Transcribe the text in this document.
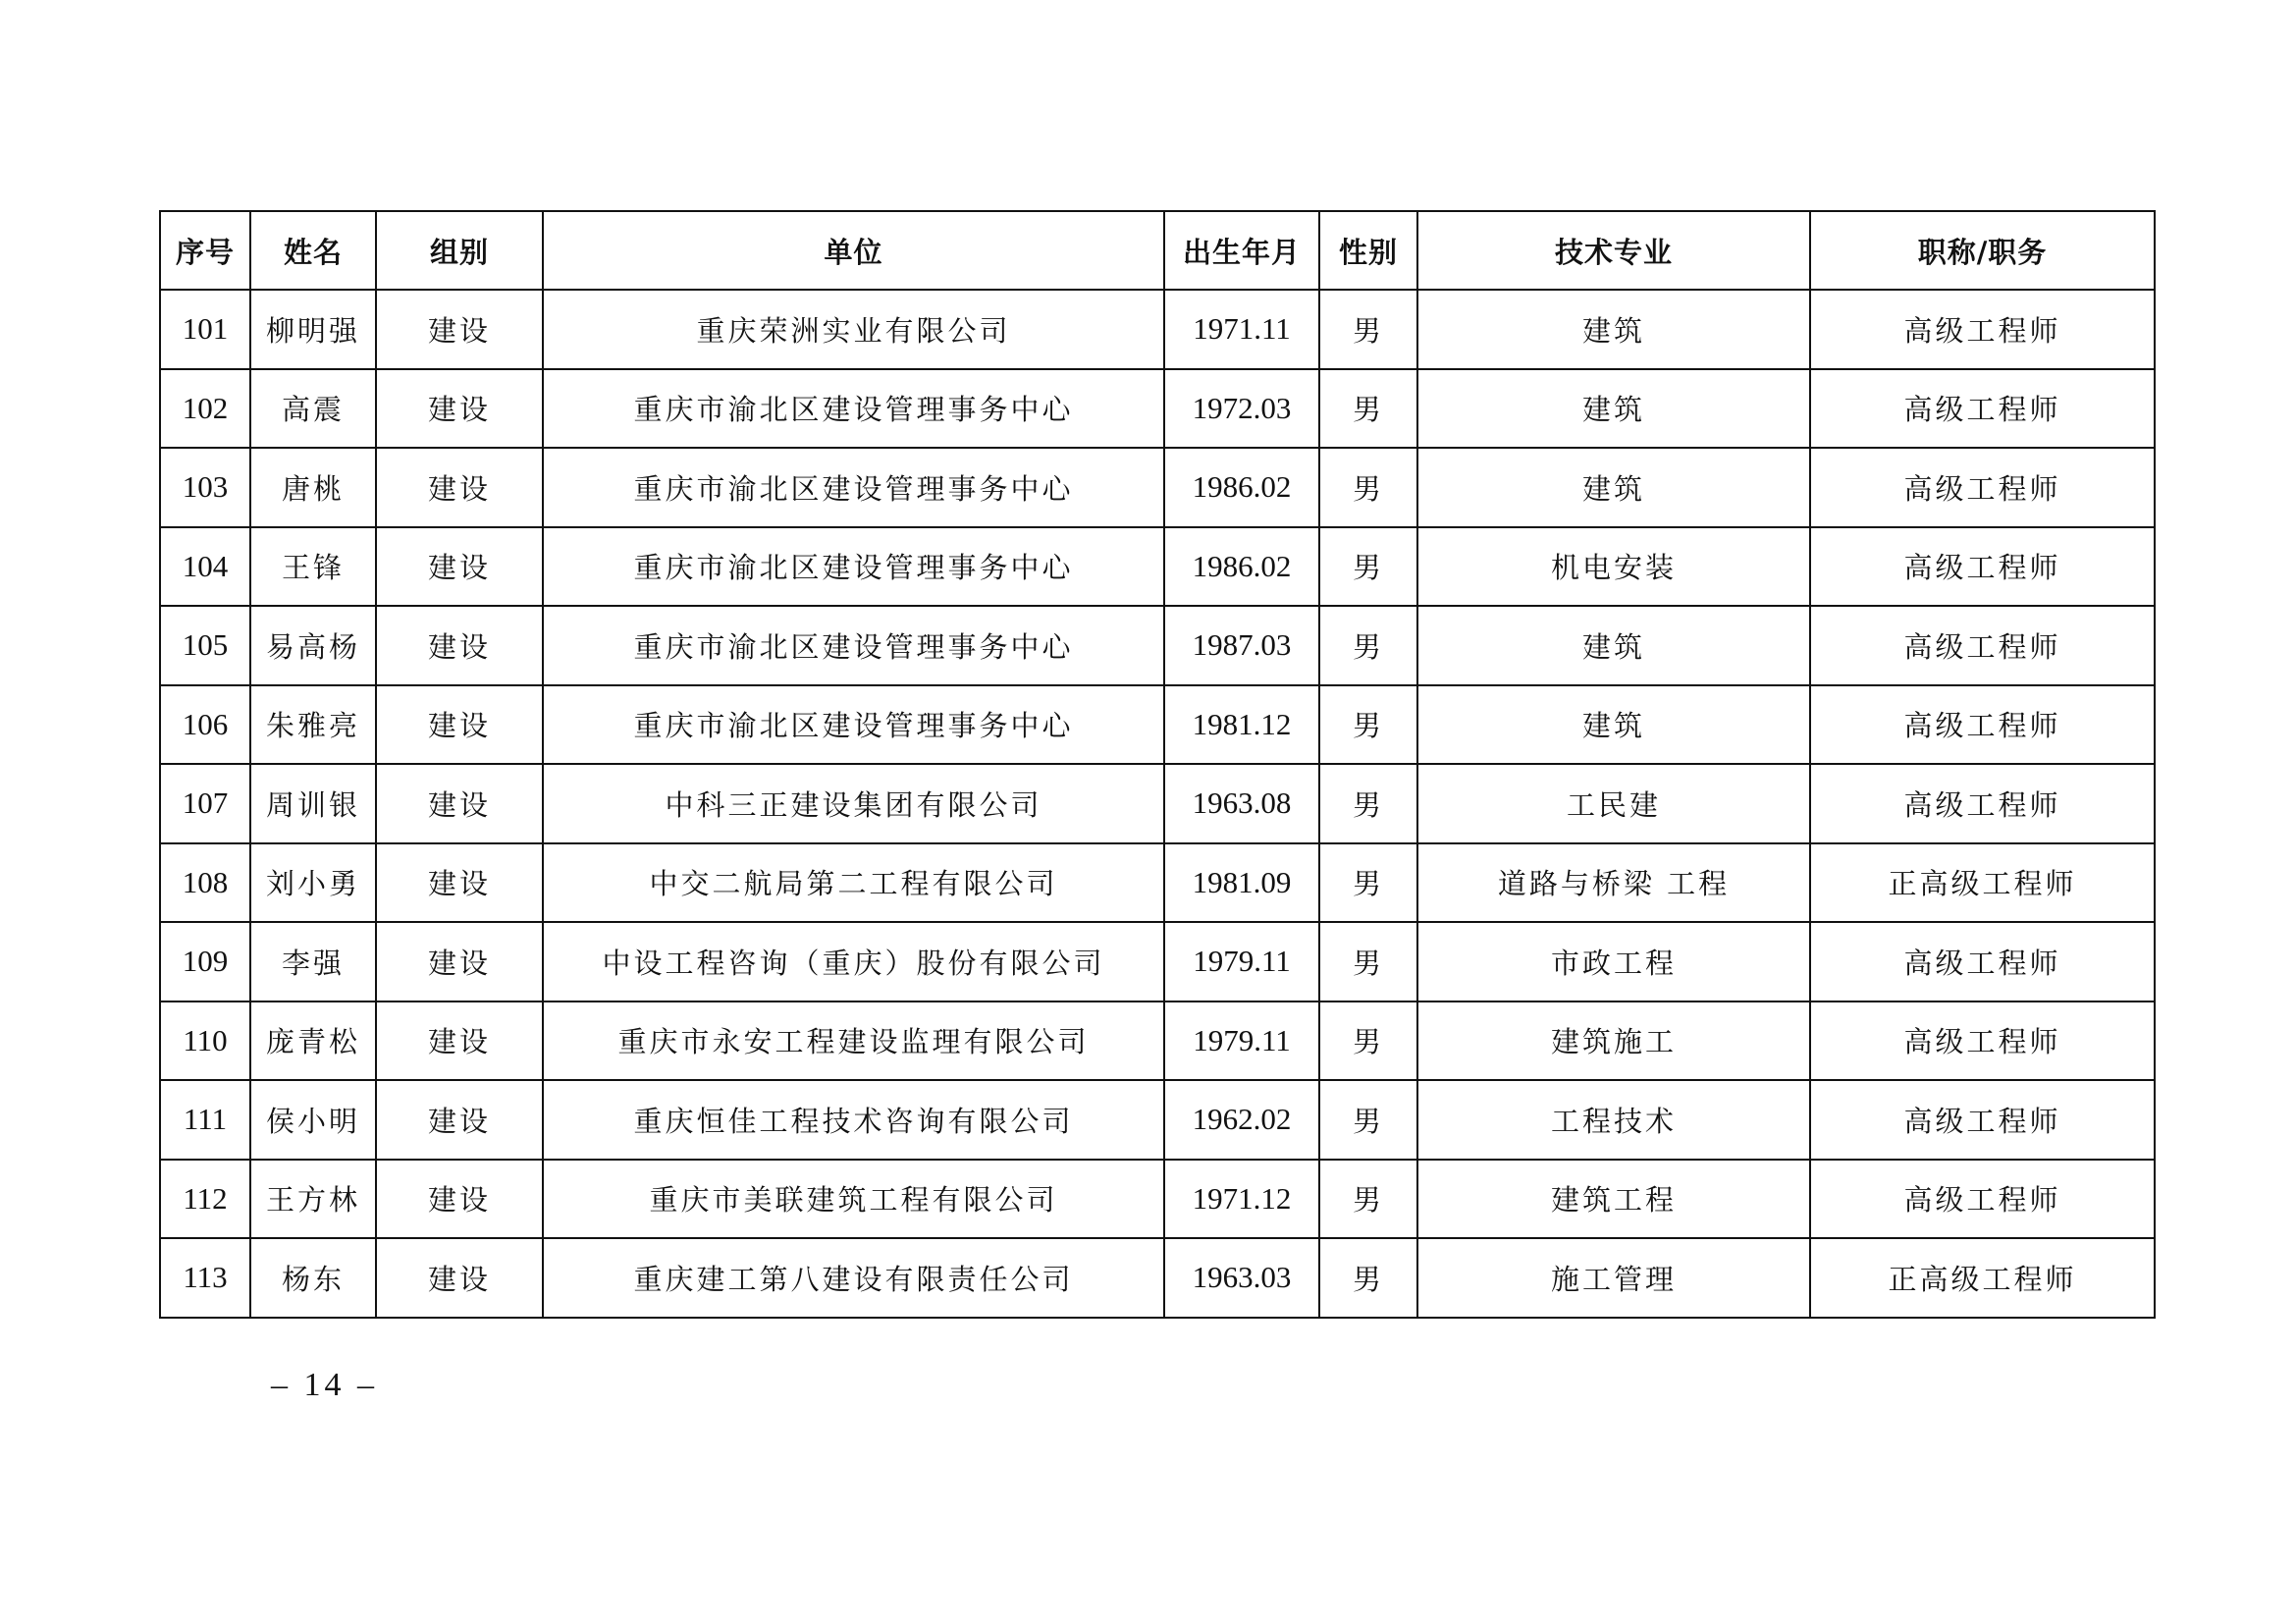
序号	姓名	组别	单位	出生年月	性别	技术专业	职称/职务
101	柳明强	建设	重庆荣洲实业有限公司	1971.11	男	建筑	高级工程师
102	高震	建设	重庆市渝北区建设管理事务中心	1972.03	男	建筑	高级工程师
103	唐桃	建设	重庆市渝北区建设管理事务中心	1986.02	男	建筑	高级工程师
104	王锋	建设	重庆市渝北区建设管理事务中心	1986.02	男	机电安装	高级工程师
105	易高杨	建设	重庆市渝北区建设管理事务中心	1987.03	男	建筑	高级工程师
106	朱雅亮	建设	重庆市渝北区建设管理事务中心	1981.12	男	建筑	高级工程师
107	周训银	建设	中科三正建设集团有限公司	1963.08	男	工民建	高级工程师
108	刘小勇	建设	中交二航局第二工程有限公司	1981.09	男	道路与桥梁 工程	正高级工程师
109	李强	建设	中设工程咨询（重庆）股份有限公司	1979.11	男	市政工程	高级工程师
110	庞青松	建设	重庆市永安工程建设监理有限公司	1979.11	男	建筑施工	高级工程师
111	侯小明	建设	重庆恒佳工程技术咨询有限公司	1962.02	男	工程技术	高级工程师
112	王方林	建设	重庆市美联建筑工程有限公司	1971.12	男	建筑工程	高级工程师
113	杨东	建设	重庆建工第八建设有限责任公司	1963.03	男	施工管理	正高级工程师
– 14 –
